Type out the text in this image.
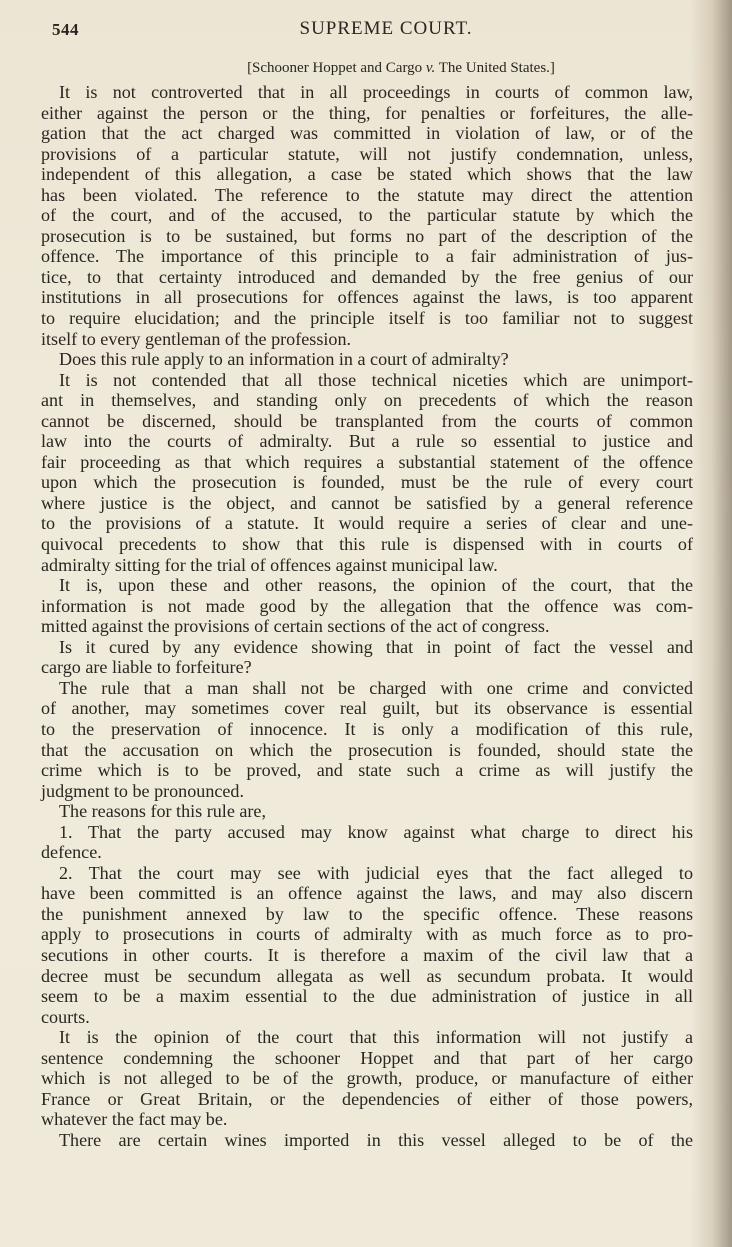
544	SUPREME COURT.
[Schooner Hoppet and Cargo v. The United States.]
It is not controverted that in all proceedings in courts of common law,
either against the person or the thing, for penalties or forfeitures, the alle-
gation that the act charged was committed in violation of law, or of the
provisions of a particular statute, will not justify condemnation, unless,
independent of this allegation, a case be stated which shows that the law
has been violated. The reference to the statute may direct the attention
of the court, and of the accused, to the particular statute by which the
prosecution is to be sustained, but forms no part of the description of the
offence. The importance of this principle to a fair administration of jus-
tice, to that certainty introduced and demanded by the free genius of our
institutions in all prosecutions for offences against the laws, is too apparent
to require elucidation; and the principle itself is too familiar not to suggest
itself to every gentleman of the profession.
Does this rule apply to an information in a court of admiralty?
It is not contended that all those technical niceties which are unimport-
ant in themselves, and standing only on precedents of which the reason
cannot be discerned, should be transplanted from the courts of common
law into the courts of admiralty. But a rule so essential to justice and
fair proceeding as that which requires a substantial statement of the offence
upon which the prosecution is founded, must be the rule of every court
where justice is the object, and cannot be satisfied by a general reference
to the provisions of a statute. It would require a series of clear and une-
quivocal precedents to show that this rule is dispensed with in courts of
admiralty sitting for the trial of offences against municipal law.
It is, upon these and other reasons, the opinion of the court, that the
information is not made good by the allegation that the offence was com-
mitted against the provisions of certain sections of the act of congress.
Is it cured by any evidence showing that in point of fact the vessel and
cargo are liable to forfeiture?
The rule that a man shall not be charged with one crime and convicted
of another, may sometimes cover real guilt, but its observance is essential
to the preservation of innocence. It is only a modification of this rule,
that the accusation on which the prosecution is founded, should state the
crime which is to be proved, and state such a crime as will justify the
judgment to be pronounced.
The reasons for this rule are,
1. That the party accused may know against what charge to direct his
defence.
2. That the court may see with judicial eyes that the fact alleged to
have been committed is an offence against the laws, and may also discern
the punishment annexed by law to the specific offence. These reasons
apply to prosecutions in courts of admiralty with as much force as to pro-
secutions in other courts. It is therefore a maxim of the civil law that a
decree must be secundum allegata as well as secundum probata. It would
seem to be a maxim essential to the due administration of justice in all
courts.
It is the opinion of the court that this information will not justify a
sentence condemning the schooner Hoppet and that part of her cargo
which is not alleged to be of the growth, produce, or manufacture of either
France or Great Britain, or the dependencies of either of those powers,
whatever the fact may be.
There are certain wines imported in this vessel alleged to be of the
